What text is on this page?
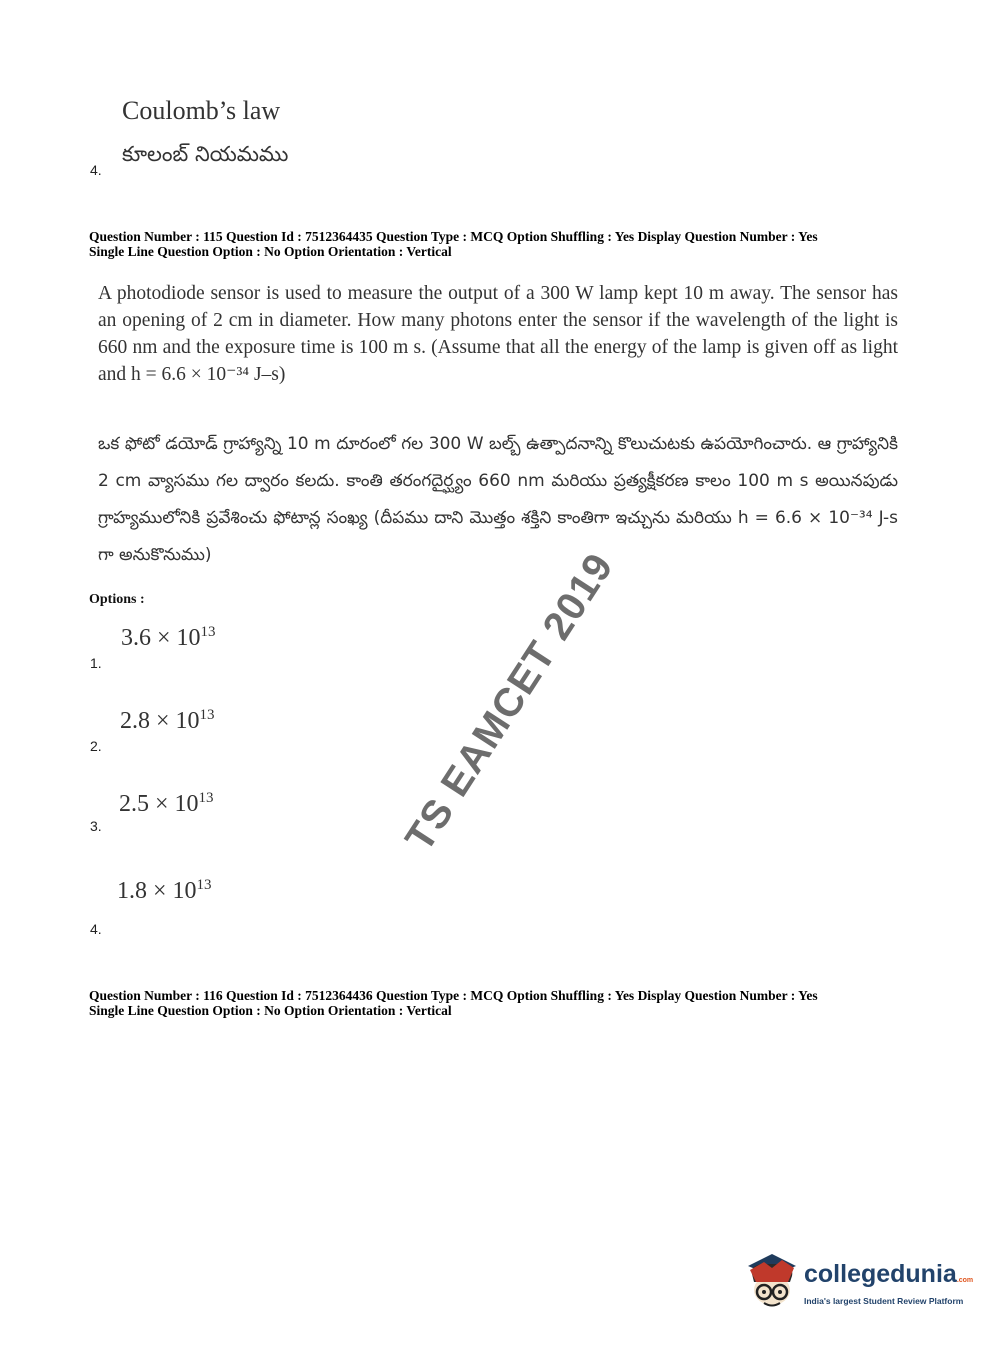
Coulomb’s law
4.
కూలంబ్ నియమము
Question Number : 115 Question Id : 7512364435 Question Type : MCQ Option Shuffling : Yes Display Question Number : Yes
Single Line Question Option : No Option Orientation : Vertical
A photodiode sensor is used to measure the output of a 300 W lamp kept 10 m away. The sensor has an opening of 2 cm in diameter. How many photons enter the sensor if the wavelength of the light is 660 nm and the exposure time is 100 m s. (Assume that all the energy of the lamp is given off as light and h = 6.6 × 10⁻³⁴ J–s)
ఒక ఫోటో డయోడ్ గ్రాహ్యాన్ని 10 m దూరంలో గల 300 W బల్బ్ ఉత్పాదనాన్ని కొలుచుటకు ఉపయోగించారు. ఆ గ్రాహ్యానికి 2 cm వ్యాసము గల ద్వారం కలదు. కాంతి తరంగదైర్ఘ్యం 660 nm మరియు ప్రత్యక్షీకరణ కాలం 100 m s అయినపుడు గ్రాహ్యములోనికి ప్రవేశించు ఫోటాన్ల సంఖ్య (దీపము దాని మొత్తం శక్తిని కాంతిగా ఇచ్చును మరియు h = 6.6 × 10⁻³⁴ J-s గా అనుకొనుము)
Options :
$3.6 \times 10^{13}$
1.
$2.8 \times 10^{13}$
2.
$2.5 \times 10^{13}$
3.
$1.8 \times 10^{13}$
4.
Question Number : 116 Question Id : 7512364436 Question Type : MCQ Option Shuffling : Yes Display Question Number : Yes
Single Line Question Option : No Option Orientation : Vertical
TS EAMCET 2019
collegedunia.com
India's largest Student Review Platform
